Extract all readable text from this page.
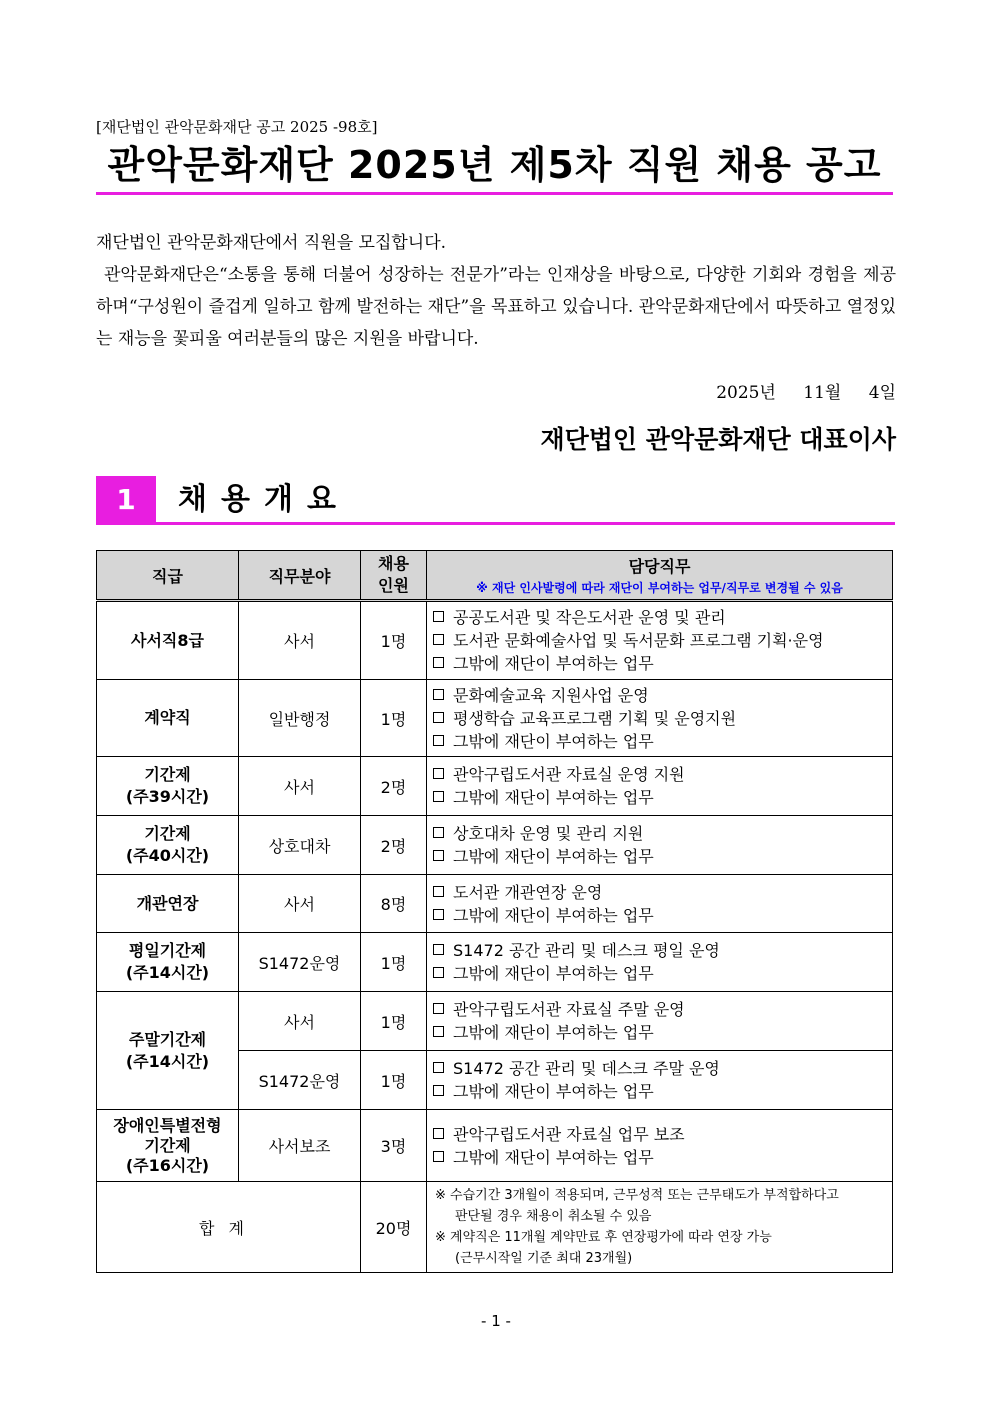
[재단법인 관악문화재단 공고 2025 -98호]
관악문화재단 2025년 제5차 직원 채용 공고

재단법인 관악문화재단에서 직원을 모집합니다.

관악문화재단은“소통을 통해 더불어 성장하는 전문가”라는 인재상을 바탕으로, 다양한 기회와 경험을 제공하며“구성원이 즐겁게 일하고 함께 발전하는 재단”을 목표하고 있습니다. 관악문화재단에서 따뜻하고 열정있는 재능을 꽃피울 여러분들의 많은 지원을 바랍니다.

2025년 11월 4일
재단법인 관악문화재단 대표이사
1	채용개요
직급	직무분야	채용
인원	담당직무
※ 재단 인사발령에 따라 재단이 부여하는 업무/직무로 변경될 수 있음

사서직8급	사서	1명	공공도서관 및 작은도서관 운영 및 관리
도서관 문화예술사업 및 독서문화 프로그램 기획·운영
그밖에 재단이 부여하는 업무

계약직	일반행정	1명	문화예술교육 지원사업 운영
평생학습 교육프로그램 기획 및 운영지원
그밖에 재단이 부여하는 업무

기간제
(주39시간)	사서	2명	관악구립도서관 자료실 운영 지원
그밖에 재단이 부여하는 업무

기간제
(주40시간)	상호대차	2명	상호대차 운영 및 관리 지원
그밖에 재단이 부여하는 업무

개관연장	사서	8명	도서관 개관연장 운영
그밖에 재단이 부여하는 업무

평일기간제
(주14시간)	S1472운영	1명	S1472 공간 관리 및 데스크 평일 운영
그밖에 재단이 부여하는 업무

주말기간제
(주14시간)	사서	1명	관악구립도서관 자료실 주말 운영
그밖에 재단이 부여하는 업무

	S1472운영	1명	S1472 공간 관리 및 데스크 주말 운영
그밖에 재단이 부여하는 업무

장애인특별전형
기간제
(주16시간)	사서보조	3명	관악구립도서관 자료실 업무 보조
그밖에 재단이 부여하는 업무

합계		20명	※ 수습기간 3개월이 적용되며, 근무성적 또는 근무태도가 부적합하다고
판단될 경우 채용이 취소될 수 있음
※ 계약직은 11개월 계약만료 후 연장평가에 따라 연장 가능
(근무시작일 기준 최대 23개월)
- 1 -
